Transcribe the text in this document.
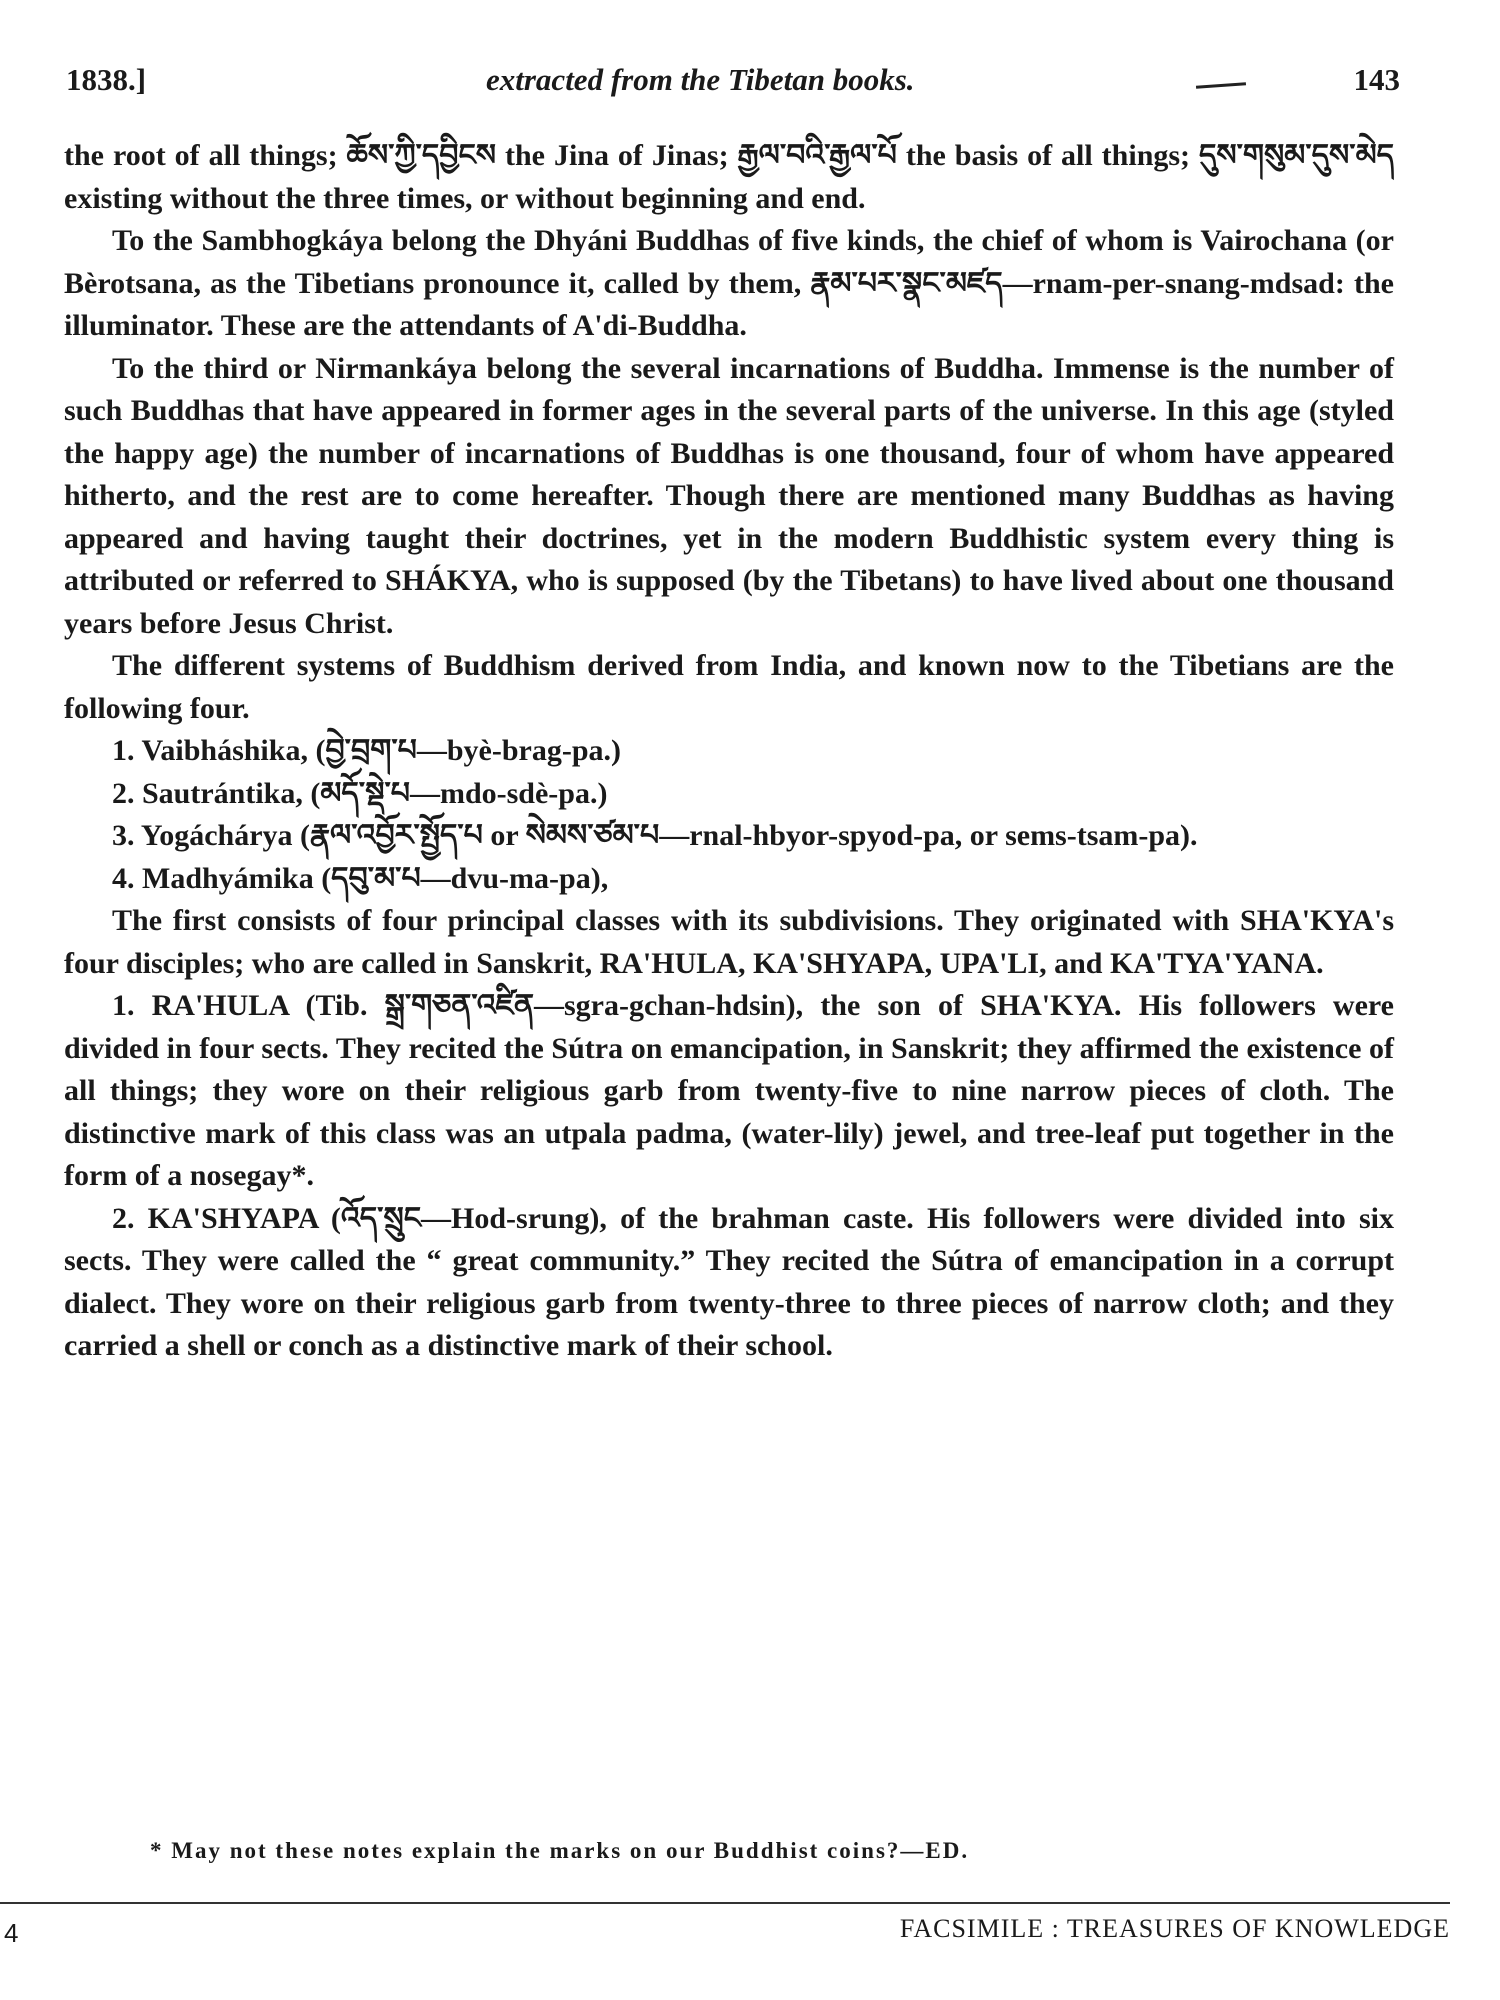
1838.]	extracted from the Tibetan books.	143

the root of all things; ཆོས་ཀྱི་དབྱིངས the Jina of Jinas; རྒྱལ་བའི་རྒྱལ་པོ the basis of all things; དུས་གསུམ་དུས་མེད existing without the three times, or without beginning and end.

To the Sambhogkáya belong the Dhyáni Buddhas of five kinds, the chief of whom is Vairochana (or Bèrotsana, as the Tibetians pronounce it, called by them, རྣམ་པར་སྣང་མཛད—rnam-per-snang-mdsad: the illuminator. These are the attendants of A'di-Buddha.

To the third or Nirmankáya belong the several incarnations of Buddha. Immense is the number of such Buddhas that have appeared in former ages in the several parts of the universe. In this age (styled the happy age) the number of incarnations of Buddhas is one thousand, four of whom have appeared hitherto, and the rest are to come hereafter. Though there are mentioned many Buddhas as having appeared and having taught their doctrines, yet in the modern Buddhistic system every thing is attributed or referred to SHÁKYA, who is supposed (by the Tibetans) to have lived about one thousand years before Jesus Christ.

The different systems of Buddhism derived from India, and known now to the Tibetians are the following four.

1. Vaibháshika, (བྱེ་བྲག་པ—byè-brag-pa.)

2. Sautrántika, (མདོ་སྡེ་པ—mdo-sdè-pa.)

3. Yogáchárya (རྣལ་འབྱོར་སྤྱོད་པ or སེམས་ཙམ་པ—rnal-hbyor-spyod-pa, or sems-tsam-pa).

4. Madhyámika (དབུ་མ་པ—dvu-ma-pa),

The first consists of four principal classes with its subdivisions. They originated with SHA'KYA's four disciples; who are called in Sanskrit, RA'HULA, KA'SHYAPA, UPA'LI, and KA'TYA'YANA.

1. RA'HULA (Tib. སྒྲ་གཅན་འཛིན—sgra-gchan-hdsin), the son of SHA'KYA. His followers were divided in four sects. They recited the Sútra on emancipation, in Sanskrit; they affirmed the existence of all things; they wore on their religious garb from twenty-five to nine narrow pieces of cloth. The distinctive mark of this class was an utpala padma, (water-lily) jewel, and tree-leaf put together in the form of a nosegay*.

2. KA'SHYAPA (འོད་སྲུང—Hod-srung), of the brahman caste. His followers were divided into six sects. They were called the “ great community.” They recited the Sútra of emancipation in a corrupt dialect. They wore on their religious garb from twenty-three to three pieces of narrow cloth; and they carried a shell or conch as a distinctive mark of their school.

* May not these notes explain the marks on our Buddhist coins?—ED.
4	FACSIMILE : TREASURES OF KNOWLEDGE
